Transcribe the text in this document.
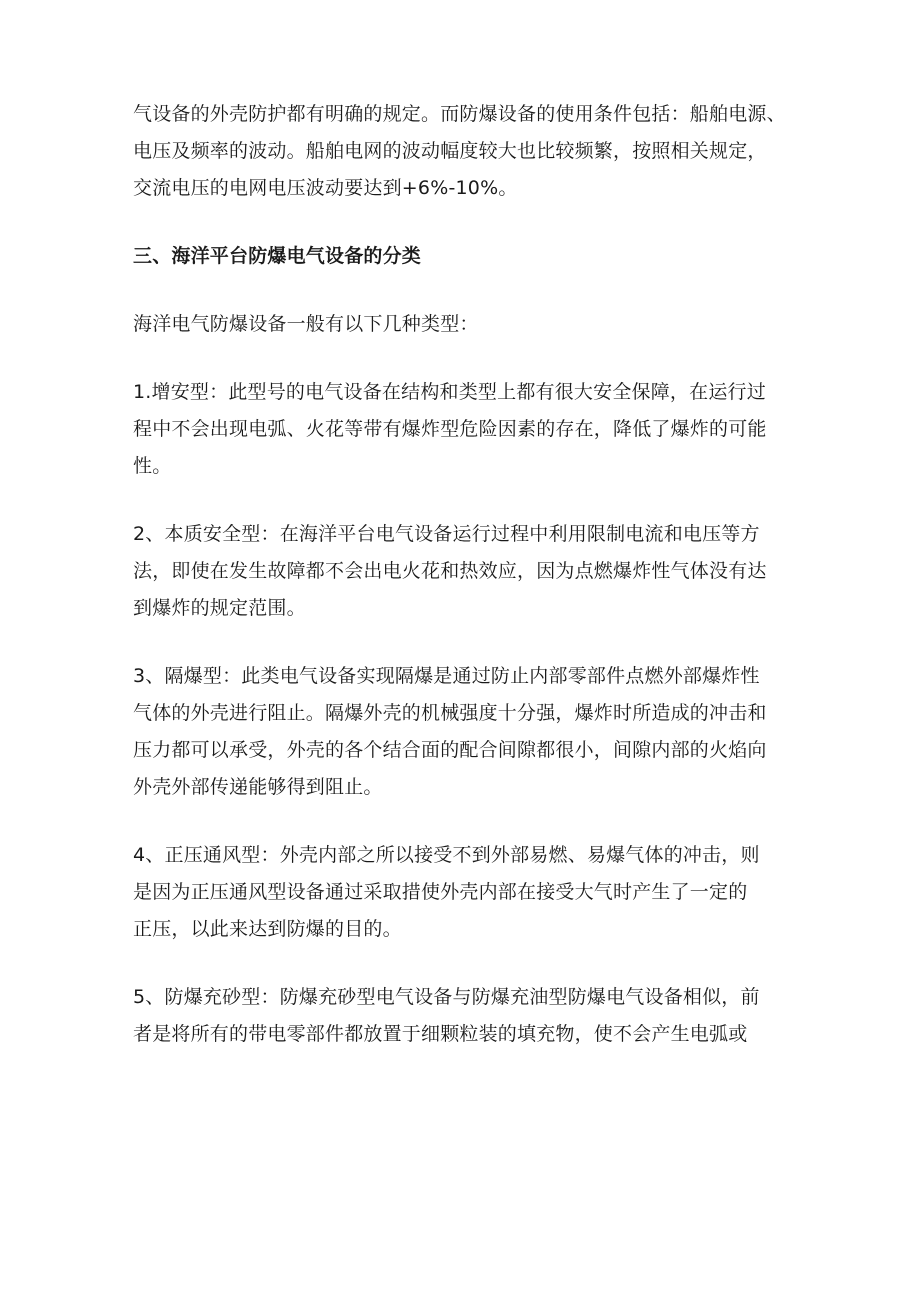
气设备的外壳防护都有明确的规定。而防爆设备的使用条件包括：船舶电源、
电压及频率的波动。船舶电网的波动幅度较大也比较频繁，按照相关规定，
交流电压的电网电压波动要达到+6%-10%。

三、海洋平台防爆电气设备的分类

海洋电气防爆设备一般有以下几种类型：

1.增安型：此型号的电气设备在结构和类型上都有很大安全保障，在运行过
程中不会出现电弧、火花等带有爆炸型危险因素的存在，降低了爆炸的可能
性。

2、本质安全型：在海洋平台电气设备运行过程中利用限制电流和电压等方
法，即使在发生故障都不会出电火花和热效应，因为点燃爆炸性气体没有达
到爆炸的规定范围。

3、隔爆型：此类电气设备实现隔爆是通过防止内部零部件点燃外部爆炸性
气体的外壳进行阻止。隔爆外壳的机械强度十分强，爆炸时所造成的冲击和
压力都可以承受，外壳的各个结合面的配合间隙都很小，间隙内部的火焰向
外壳外部传递能够得到阻止。

4、正压通风型：外壳内部之所以接受不到外部易燃、易爆气体的冲击，则
是因为正压通风型设备通过采取措使外壳内部在接受大气时产生了一定的
正压，以此来达到防爆的目的。

5、防爆充砂型：防爆充砂型电气设备与防爆充油型防爆电气设备相似，前
者是将所有的带电零部件都放置于细颗粒装的填充物，使不会产生电弧或
